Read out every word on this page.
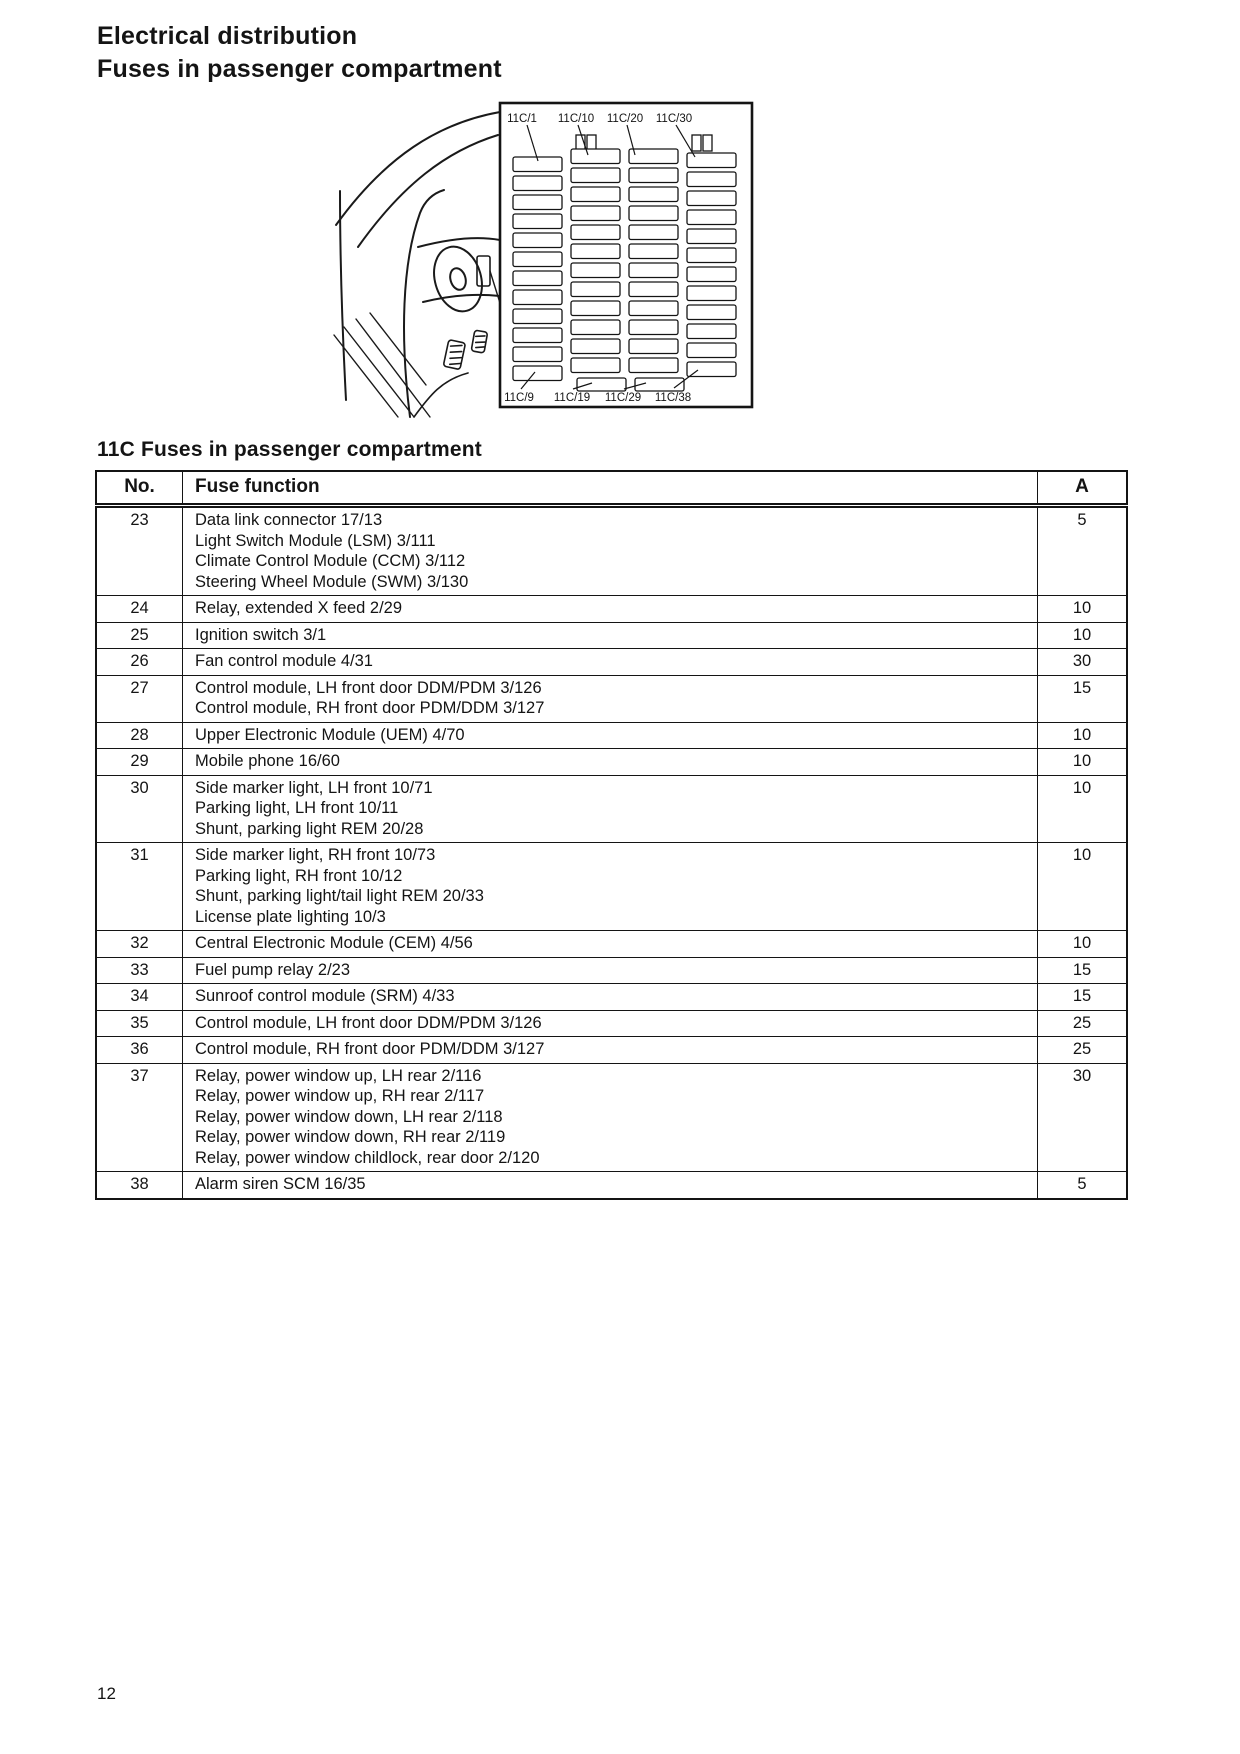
Electrical distribution
Fuses in passenger compartment
11C/1 11C/10 11C/20 11C/30
11C/9 11C/19 11C/29 11C/38
11C Fuses in passenger compartment
No.	Fuse function	A
23	Data link connector 17/13
Light Switch Module (LSM) 3/111
Climate Control Module (CCM) 3/112
Steering Wheel Module (SWM) 3/130	5
24	Relay, extended X feed 2/29	10
25	Ignition switch 3/1	10
26	Fan control module 4/31	30
27	Control module, LH front door DDM/PDM 3/126
Control module, RH front door PDM/DDM 3/127	15
28	Upper Electronic Module (UEM) 4/70	10
29	Mobile phone 16/60	10
30	Side marker light, LH front 10/71
Parking light, LH front 10/11
Shunt, parking light REM 20/28	10
31	Side marker light, RH front 10/73
Parking light, RH front 10/12
Shunt, parking light/tail light REM 20/33
License plate lighting 10/3	10
32	Central Electronic Module (CEM) 4/56	10
33	Fuel pump relay 2/23	15
34	Sunroof control module (SRM) 4/33	15
35	Control module, LH front door DDM/PDM 3/126	25
36	Control module, RH front door PDM/DDM 3/127	25
37	Relay, power window up, LH rear 2/116
Relay, power window up, RH rear 2/117
Relay, power window down, LH rear 2/118
Relay, power window down, RH rear 2/119
Relay, power window childlock, rear door 2/120	30
38	Alarm siren SCM 16/35	5
12
